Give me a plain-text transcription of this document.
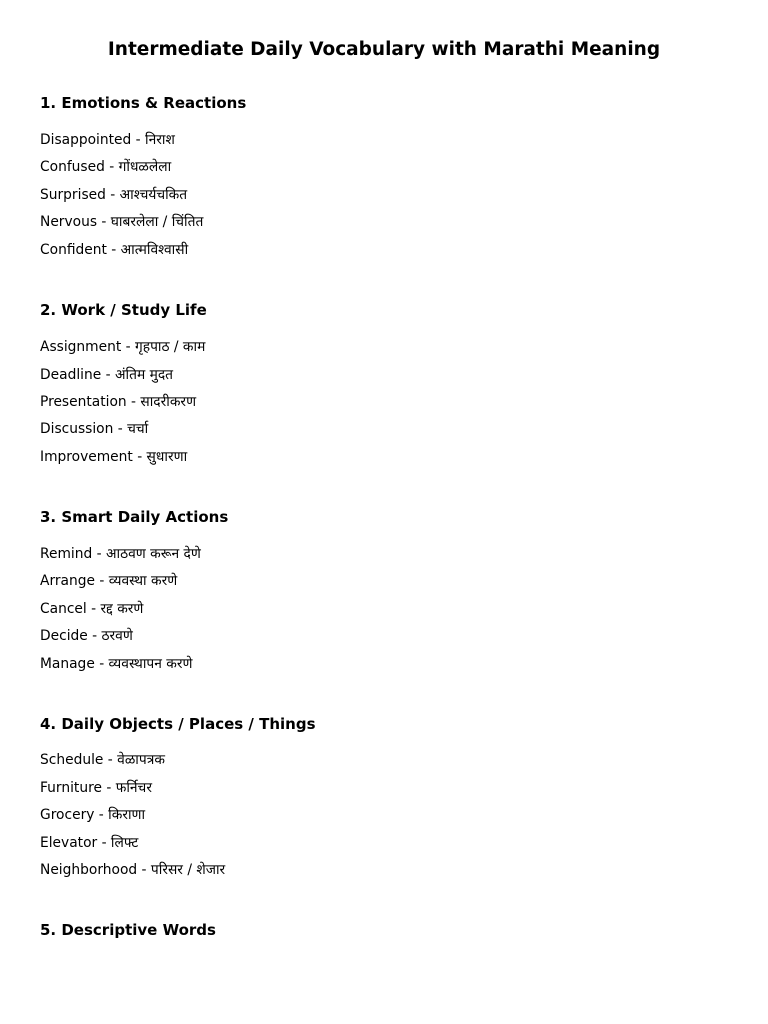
Intermediate Daily Vocabulary with Marathi Meaning
1. Emotions & Reactions
Disappointed - निराश
Confused - गोंधळलेला
Surprised - आश्चर्यचकित
Nervous - घाबरलेला / चिंतित
Confident - आत्मविश्वासी
2. Work / Study Life
Assignment - गृहपाठ / काम
Deadline - अंतिम मुदत
Presentation - सादरीकरण
Discussion - चर्चा
Improvement - सुधारणा
3. Smart Daily Actions
Remind - आठवण करून देणे
Arrange - व्यवस्था करणे
Cancel - रद्द करणे
Decide - ठरवणे
Manage - व्यवस्थापन करणे
4. Daily Objects / Places / Things
Schedule - वेळापत्रक
Furniture - फर्निचर
Grocery - किराणा
Elevator - लिफ्ट
Neighborhood - परिसर / शेजार
5. Descriptive Words
